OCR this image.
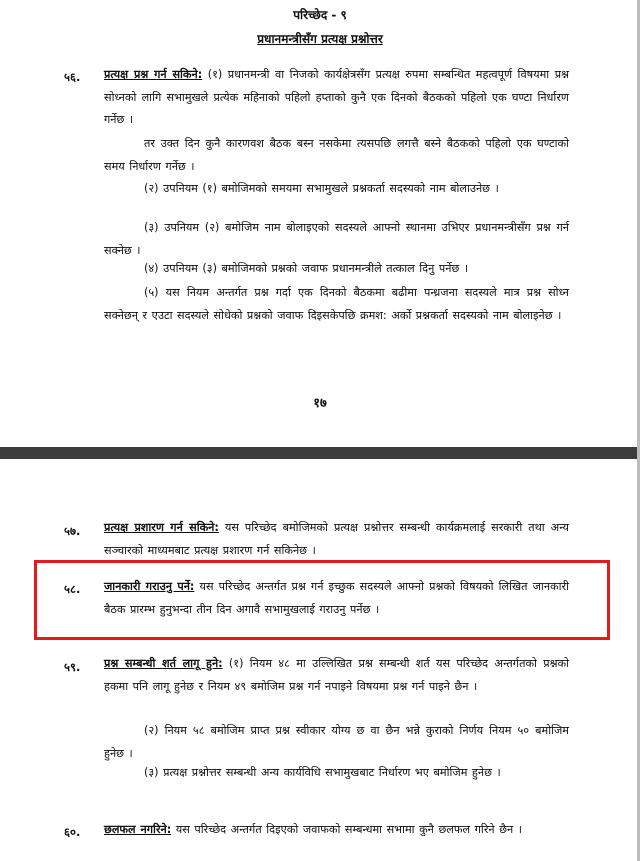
परिच्छेद - ९
प्रधानमन्त्रीसँग प्रत्यक्ष प्रश्नोत्तर
५६. प्रत्यक्ष प्रश्न गर्न सकिने: (१) प्रधानमन्त्री वा निजको कार्यक्षेत्रसँग प्रत्यक्ष रुपमा सम्बन्धित महत्वपूर्ण विषयमा प्रश्न सोध्नको लागि सभामुखले प्रत्येक महिनाको पहिलो हप्ताको कुनै एक दिनको बैठकको पहिलो एक घण्टा निर्धारण गर्नेछ ।
तर उक्त दिन कुनै कारणवश बैठक बस्न नसकेमा त्यसपछि लगत्तै बस्ने बैठकको पहिलो एक घण्टाको समय निर्धारण गर्नेछ ।
(२) उपनियम (१) बमोजिमको समयमा सभामुखले प्रश्नकर्ता सदस्यको नाम बोलाउनेछ ।
(३) उपनियम (२) बमोजिम नाम बोलाइएको सदस्यले आफ्नो स्थानमा उभिएर प्रधानमन्त्रीसँग प्रश्न गर्न सक्नेछ ।
(४) उपनियम (३) बमोजिमको प्रश्नको जवाफ प्रधानमन्त्रीले तत्काल दिनु पर्नेछ ।
(५) यस नियम अन्तर्गत प्रश्न गर्दा एक दिनको बैठकमा बढीमा पन्ध्रजना सदस्यले मात्र प्रश्न सोध्न सक्नेछन् र एउटा सदस्यले सोधेको प्रश्नको जवाफ दिइसकेपछि क्रमश: अर्को प्रश्नकर्ता सदस्यको नाम बोलाइनेछ ।
१७
५७. प्रत्यक्ष प्रशारण गर्न सकिने: यस परिच्छेद बमोजिमको प्रत्यक्ष प्रश्नोत्तर सम्बन्धी कार्यक्रमलाई सरकारी तथा अन्य सञ्चारको माध्यमबाट प्रत्यक्ष प्रशारण गर्न सकिनेछ ।
५८. जानकारी गराउनु पर्ने: यस परिच्छेद अन्तर्गत प्रश्न गर्न इच्छुक सदस्यले आफ्नो प्रश्नको विषयको लिखित जानकारी बैठक प्रारम्भ हुनुभन्दा तीन दिन अगावै सभामुखलाई गराउनु पर्नेछ ।
५९. प्रश्न सम्बन्धी शर्त लागू हुने: (१) नियम ४८ मा उल्लिखित प्रश्न सम्बन्धी शर्त यस परिच्छेद अन्तर्गतको प्रश्नको हकमा पनि लागू हुनेछ र नियम ४९ बमोजिम प्रश्न गर्न नपाइने विषयमा प्रश्न गर्न पाइने छैन ।
(२) नियम ५८ बमोजिम प्राप्त प्रश्न स्वीकार योग्य छ वा छैन भन्ने कुराको निर्णय नियम ५० बमोजिम हुनेछ ।
(३) प्रत्यक्ष प्रश्नोत्तर सम्बन्धी अन्य कार्यविधि सभामुखबाट निर्धारण भए बमोजिम हुनेछ ।
६०. छलफल नगरिने: यस परिच्छेद अन्तर्गत दिइएको जवाफको सम्बन्धमा सभामा कुनै छलफल गरिने छैन ।
